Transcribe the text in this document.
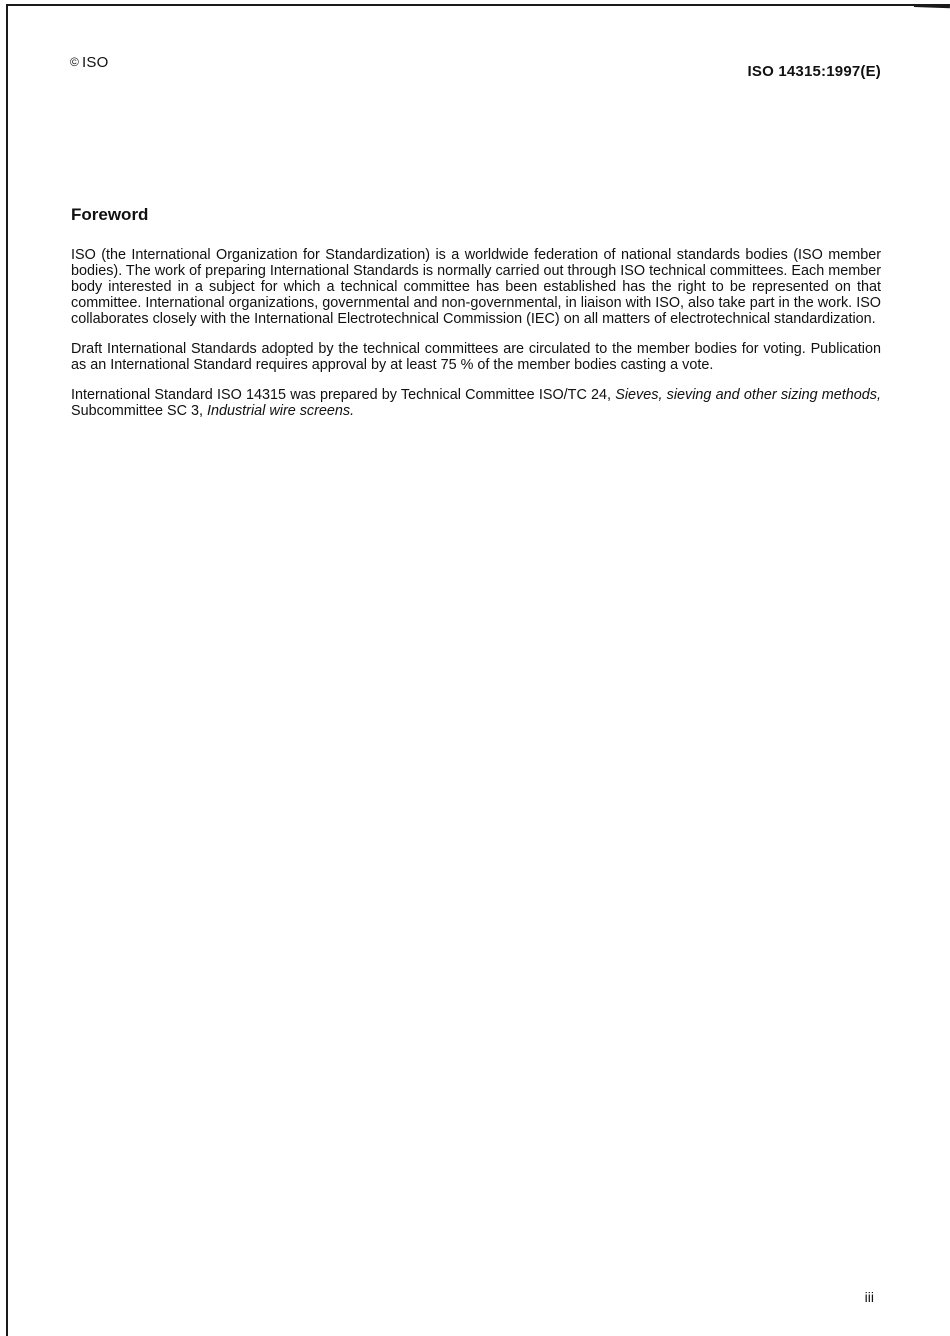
© ISO
ISO 14315:1997(E)
Foreword

ISO (the International Organization for Standardization) is a worldwide federation of national standards bodies (ISO member bodies). The work of preparing International Standards is normally carried out through ISO technical committees. Each member body interested in a subject for which a technical committee has been established has the right to be represented on that committee. International organizations, governmental and non-governmental, in liaison with ISO, also take part in the work. ISO collaborates closely with the International Electrotechnical Commission (IEC) on all matters of electrotechnical standardization.

Draft International Standards adopted by the technical committees are circulated to the member bodies for voting. Publication as an International Standard requires approval by at least 75 % of the member bodies casting a vote.

International Standard ISO 14315 was prepared by Technical Committee ISO/TC 24, Sieves, sieving and other sizing methods, Subcommittee SC 3, Industrial wire screens.

iii
